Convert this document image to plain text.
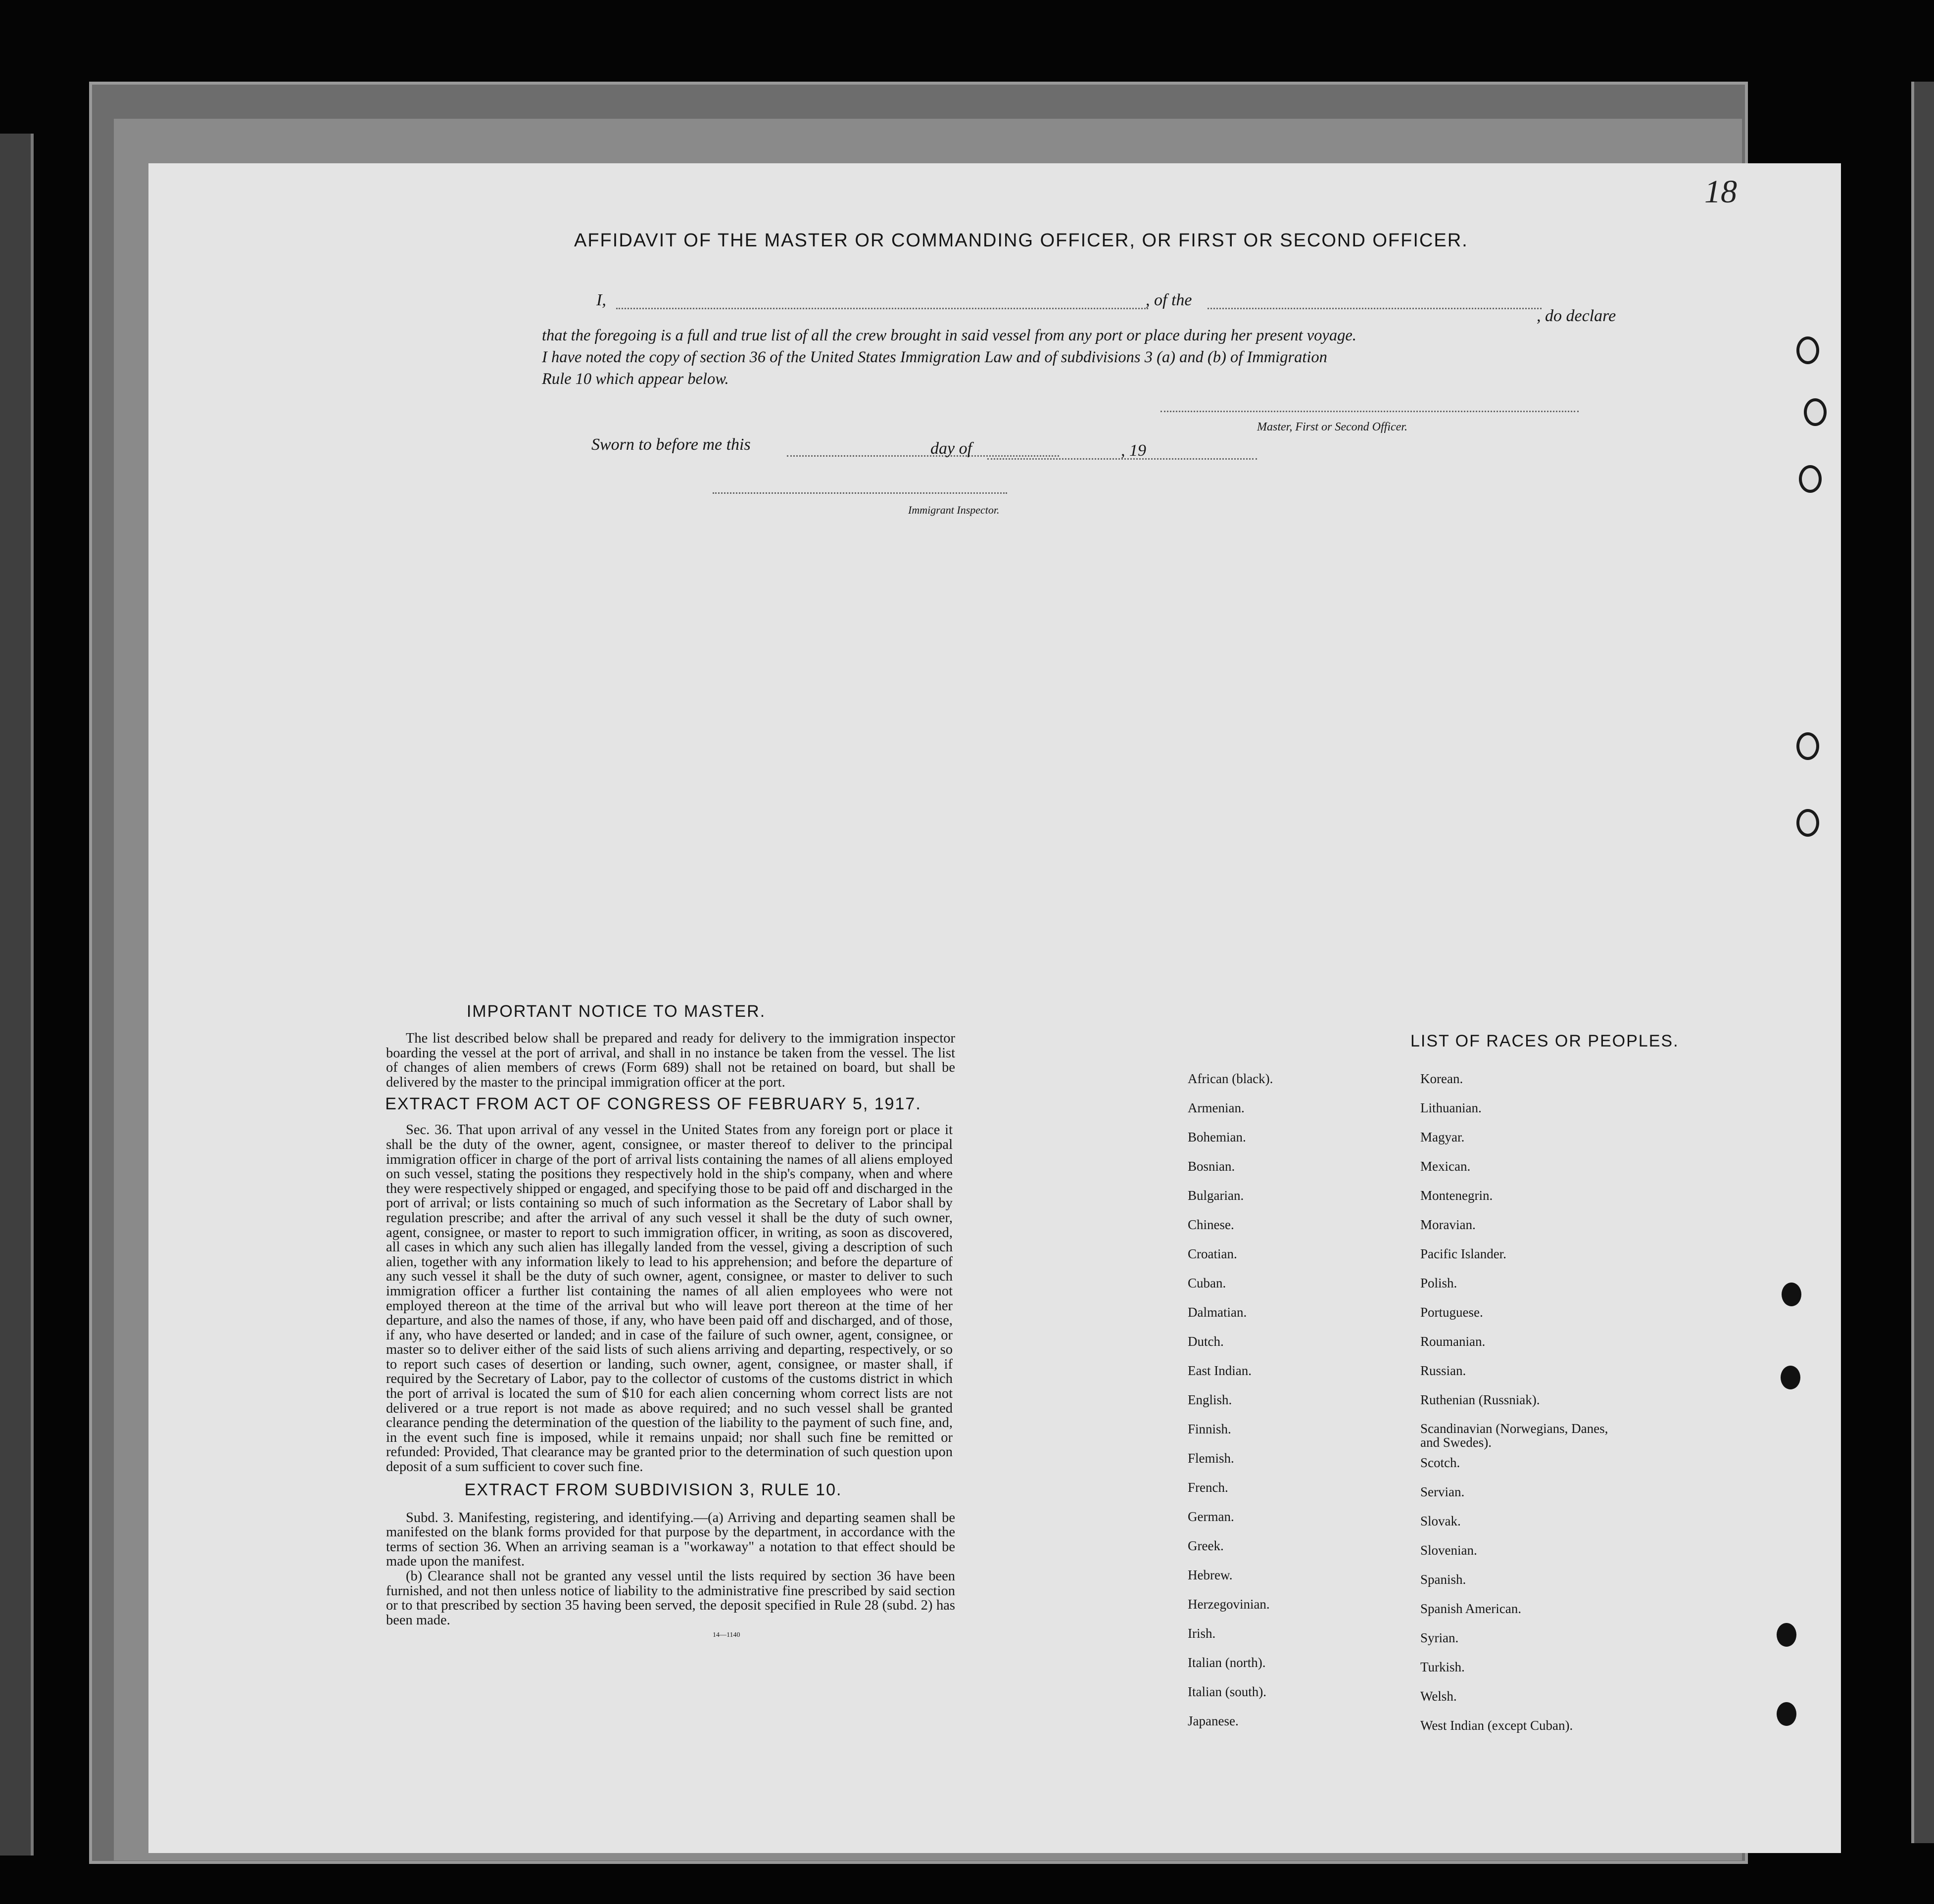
18
AFFIDAVIT OF THE MASTER OR COMMANDING OFFICER, OR FIRST OR SECOND OFFICER.
I,	, of the
, do declare
that the foregoing is a full and true list of all the crew brought in said vessel from any port or place during her present voyage.
I have noted the copy of section 36 of the United States Immigration Law and of subdivisions 3 (a) and (b) of Immigration
Rule 10 which appear below.
Master, First or Second Officer.
Sworn to before me this	day of	, 19
Immigrant Inspector.
IMPORTANT NOTICE TO MASTER.

The list described below shall be prepared and ready for delivery to the immigration inspector boarding the vessel at the port of arrival, and shall in no instance be taken from the vessel. The list of changes of alien members of crews (Form 689) shall not be retained on board, but shall be delivered by the master to the principal immigration officer at the port.

EXTRACT FROM ACT OF CONGRESS OF FEBRUARY 5, 1917.

Sec. 36. That upon arrival of any vessel in the United States from any foreign port or place it shall be the duty of the owner, agent, consignee, or master thereof to deliver to the principal immigration officer in charge of the port of arrival lists containing the names of all aliens employed on such vessel, stating the positions they respectively hold in the ship's company, when and where they were respectively shipped or engaged, and specifying those to be paid off and discharged in the port of arrival; or lists containing so much of such information as the Secretary of Labor shall by regulation prescribe; and after the arrival of any such vessel it shall be the duty of such owner, agent, consignee, or master to report to such immigration officer, in writing, as soon as discovered, all cases in which any such alien has illegally landed from the vessel, giving a description of such alien, together with any information likely to lead to his apprehension; and before the departure of any such vessel it shall be the duty of such owner, agent, consignee, or master to deliver to such immigration officer a further list containing the names of all alien employees who were not employed thereon at the time of the arrival but who will leave port thereon at the time of her departure, and also the names of those, if any, who have been paid off and discharged, and of those, if any, who have deserted or landed; and in case of the failure of such owner, agent, consignee, or master so to deliver either of the said lists of such aliens arriving and departing, respectively, or so to report such cases of desertion or landing, such owner, agent, consignee, or master shall, if required by the Secretary of Labor, pay to the collector of customs of the customs district in which the port of arrival is located the sum of $10 for each alien concerning whom correct lists are not delivered or a true report is not made as above required; and no such vessel shall be granted clearance pending the determination of the question of the liability to the payment of such fine, and, in the event such fine is imposed, while it remains unpaid; nor shall such fine be remitted or refunded: Provided, That clearance may be granted prior to the determination of such question upon deposit of a sum sufficient to cover such fine.

EXTRACT FROM SUBDIVISION 3, RULE 10.

Subd. 3. Manifesting, registering, and identifying.—(a) Arriving and departing seamen shall be manifested on the blank forms provided for that purpose by the department, in accordance with the terms of section 36. When an arriving seaman is a "workaway" a notation to that effect should be made upon the manifest.

(b) Clearance shall not be granted any vessel until the lists required by section 36 have been furnished, and not then unless notice of liability to the administrative fine prescribed by said section or to that prescribed by section 35 having been served, the deposit specified in Rule 28 (subd. 2) has been made.

14—1140
LIST OF RACES OR PEOPLES.
African (black).
Armenian.
Bohemian.
Bosnian.
Bulgarian.
Chinese.
Croatian.
Cuban.
Dalmatian.
Dutch.
East Indian.
English.
Finnish.
Flemish.
French.
German.
Greek.
Hebrew.
Herzegovinian.
Irish.
Italian (north).
Italian (south).
Japanese.
Korean.
Lithuanian.
Magyar.
Mexican.
Montenegrin.
Moravian.
Pacific Islander.
Polish.
Portuguese.
Roumanian.
Russian.
Ruthenian (Russniak).
Scandinavian (Norwegians, Danes, and Swedes).
Scotch.
Servian.
Slovak.
Slovenian.
Spanish.
Spanish American.
Syrian.
Turkish.
Welsh.
West Indian (except Cuban).
